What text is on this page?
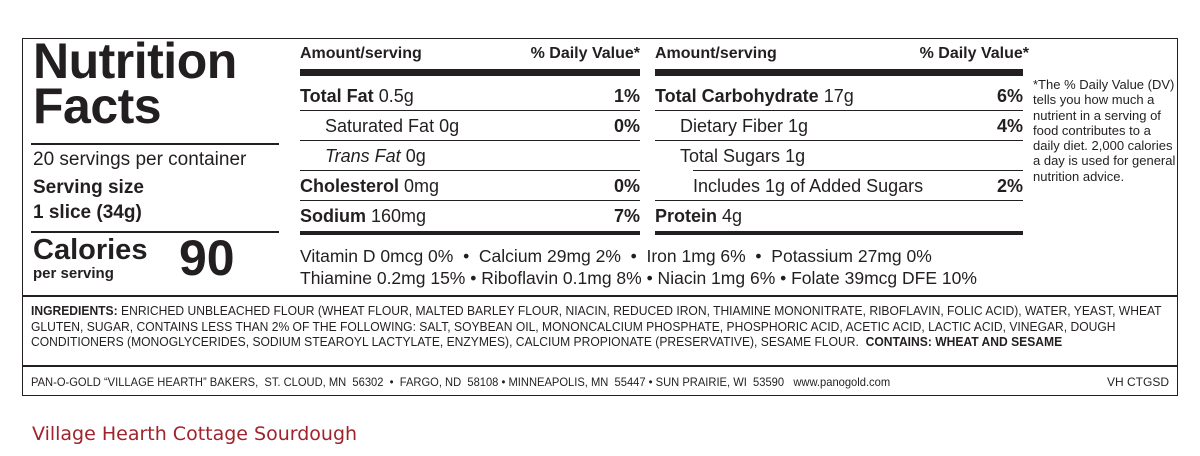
Nutrition
Facts
20 servings per container
Serving size
1 slice (34g)
Calories
per serving 90
Amount/serving	% Daily Value*
Total Fat 0.5g	1%
Saturated Fat 0g	0%
Trans Fat 0g
Cholesterol 0mg	0%
Sodium 160mg	7%
Amount/serving	% Daily Value*
Total Carbohydrate 17g	6%
Dietary Fiber 1g	4%
Total Sugars 1g
Includes 1g of Added Sugars	2%
Protein 4g
Vitamin D 0mcg 0%  •  Calcium 29mg 2%  •  Iron 1mg 6%  •  Potassium 27mg 0%
Thiamine 0.2mg 15% • Riboflavin 0.1mg 8% • Niacin 1mg 6% • Folate 39mcg DFE 10%
*The % Daily Value (DV) tells you how much a nutrient in a serving of food contributes to a daily diet. 2,000 calories a day is used for general nutrition advice.
INGREDIENTS: ENRICHED UNBLEACHED FLOUR (WHEAT FLOUR, MALTED BARLEY FLOUR, NIACIN, REDUCED IRON, THIAMINE MONONITRATE, RIBOFLAVIN, FOLIC ACID), WATER, YEAST, WHEAT GLUTEN, SUGAR, CONTAINS LESS THAN 2% OF THE FOLLOWING: SALT, SOYBEAN OIL, MONONCALCIUM PHOSPHATE, PHOSPHORIC ACID, ACETIC ACID, LACTIC ACID, VINEGAR, DOUGH CONDITIONERS (MONOGLYCERIDES, SODIUM STEAROYL LACTYLATE, ENZYMES), CALCIUM PROPIONATE (PRESERVATIVE), SESAME FLOUR. CONTAINS: WHEAT AND SESAME
PAN-O-GOLD “VILLAGE HEARTH” BAKERS,  ST. CLOUD, MN  56302  •  FARGO, ND  58108 • MINNEAPOLIS, MN  55447 • SUN PRAIRIE, WI  53590   www.panogold.com	VH CTGSD
Village Hearth Cottage Sourdough
